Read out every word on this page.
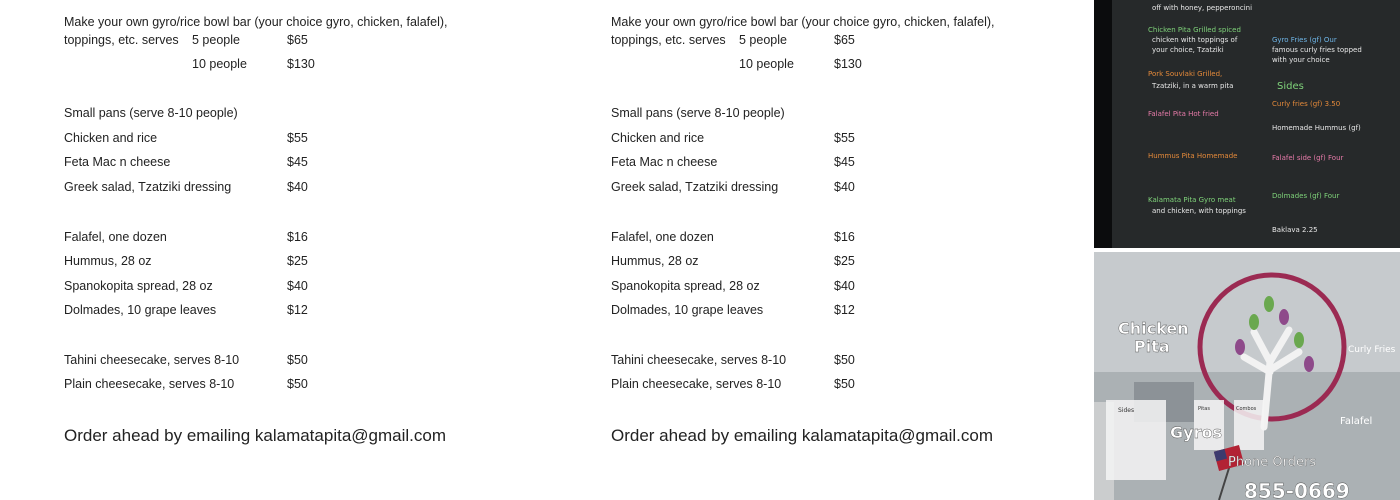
Make your own gyro/rice bowl bar (your choice gyro, chicken, falafel),
toppings, etc. serves 5 people	$65
10 people	$130
Small pans (serve 8-10 people)
Chicken and rice	$55
Feta Mac n cheese	$45
Greek salad, Tzatziki dressing	$40
Falafel, one dozen	$16
Hummus, 28 oz	$25
Spanokopita spread, 28 oz	$40
Dolmades, 10 grape leaves	$12
Tahini cheesecake, serves 8-10	$50
Plain cheesecake, serves 8-10	$50
Order ahead by emailing kalamatapita@gmail.com
Make your own gyro/rice bowl bar (your choice gyro, chicken, falafel),
toppings, etc. serves 5 people	$65
10 people	$130
Small pans (serve 8-10 people)
Chicken and rice	$55
Feta Mac n cheese	$45
Greek salad, Tzatziki dressing	$40
Falafel, one dozen	$16
Hummus, 28 oz	$25
Spanokopita spread, 28 oz	$40
Dolmades, 10 grape leaves	$12
Tahini cheesecake, serves 8-10	$50
Plain cheesecake, serves 8-10	$50
Order ahead by emailing kalamatapita@gmail.com
off with honey, pepperoncini
Chicken Pita Grilled spiced
chicken with toppings of
your choice, Tzatziki
Pork Souvlaki Grilled,
Tzatziki, in a warm pita
Falafel Pita Hot fried
Hummus Pita Homemade
Kalamata Pita Gyro meat
and chicken, with toppings
Gyro Fries (gf) Our
famous curly fries topped
with your choice
Sides
Curly fries (gf) 3.50
Homemade Hummus (gf)
Falafel side (gf) Four
Dolmades (gf) Four
Baklava 2.25
Chicken
Pita
Gyros
Phone Orders
Curly Fries
Falafel
Sides	Pitas	Combos
855-0669
